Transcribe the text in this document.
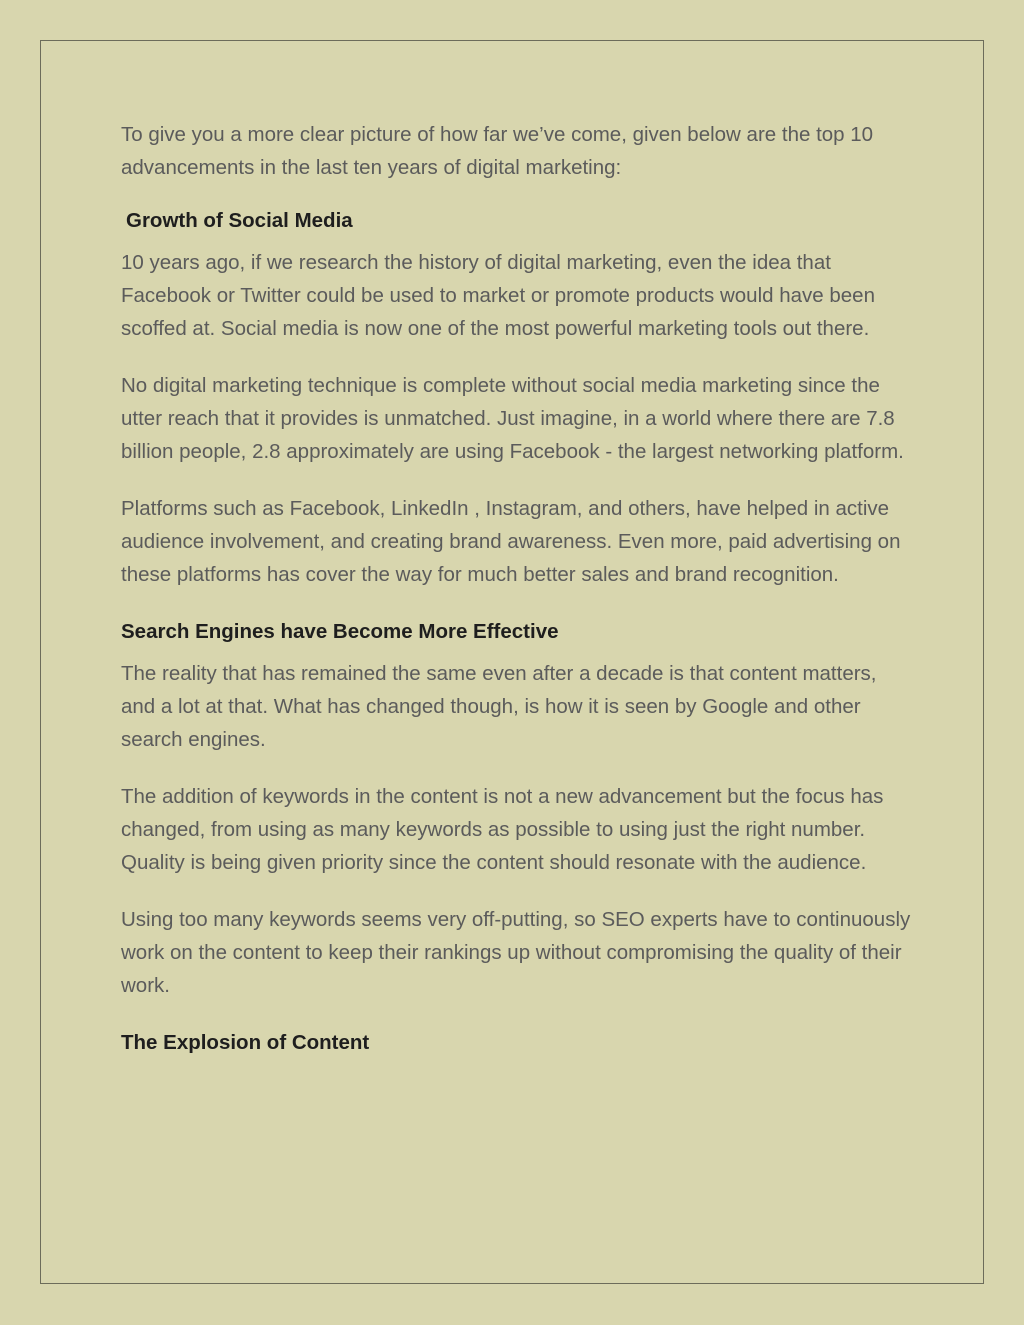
To give you a more clear picture of how far we’ve come, given below are the top 10 advancements in the last ten years of digital marketing:

Growth of Social Media

10 years ago, if we research the history of digital marketing, even the idea that Facebook or Twitter could be used to market or promote products would have been scoffed at. Social media is now one of the most powerful marketing tools out there.

No digital marketing technique is complete without social media marketing since the utter reach that it provides is unmatched. Just imagine, in a world where there are 7.8 billion people, 2.8 approximately are using Facebook - the largest networking platform.

Platforms such as Facebook, LinkedIn , Instagram, and others, have helped in active audience involvement, and creating brand awareness. Even more, paid advertising on these platforms has cover the way for much better sales and brand recognition.

Search Engines have Become More Effective

The reality that has remained the same even after a decade is that content matters, and a lot at that. What has changed though, is how it is seen by Google and other search engines.

The addition of keywords in the content is not a new advancement but the focus has changed, from using as many keywords as possible to using just the right number. Quality is being given priority since the content should resonate with the audience.

Using too many keywords seems very off-putting, so SEO experts have to continuously work on the content to keep their rankings up without compromising the quality of their work.

The Explosion of Content
